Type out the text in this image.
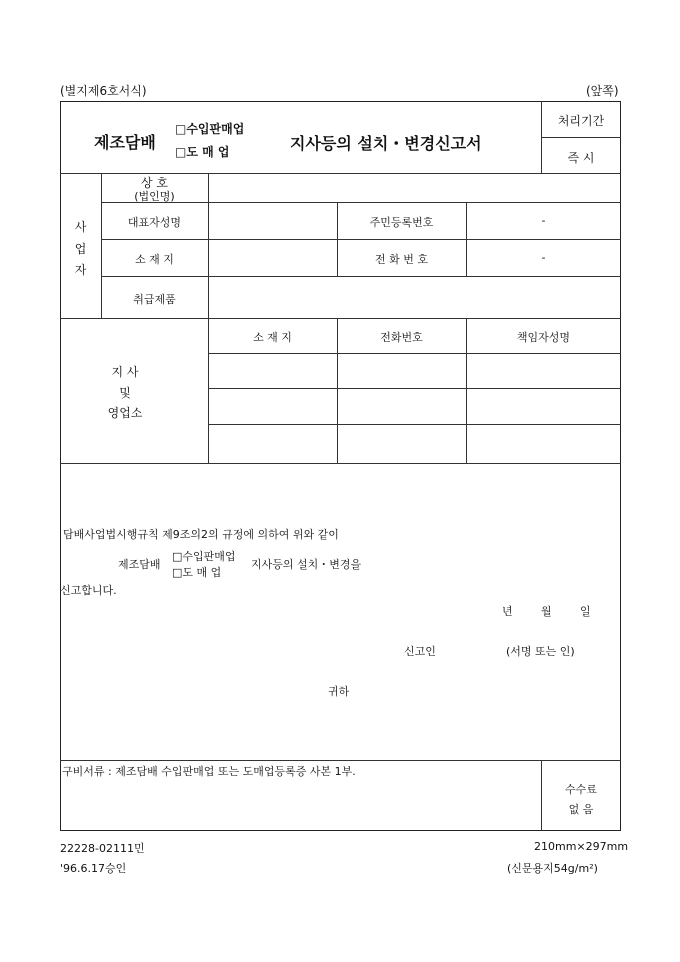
(별지제6호서식)	(앞쪽)
제조담배
□수입판매업
□도 매 업	지사등의 설치・변경신고서
처리기간
즉 시
사
업
자
상 호
(법인명)
대표자성명	주민등록번호	-
소 재 지	전 화 번 호	-
취급제품
지 사
및
영업소
소 재 지	전화번호	책임자성명
담배사업법시행규칙 제9조의2의 규정에 의하여 위와 같이
제조담배
□수입판매업
□도 매 업
지사등의 설치・변경을
신고합니다.
년	월	일
신고인	(서명 또는 인)
귀하
구비서류 : 제조담배 수입판매업 또는 도매업등록증 사본 1부.
수수료
없 음
22228-02111민
'96.6.17승인
210mm×297mm
(신문용지54g/m²)
